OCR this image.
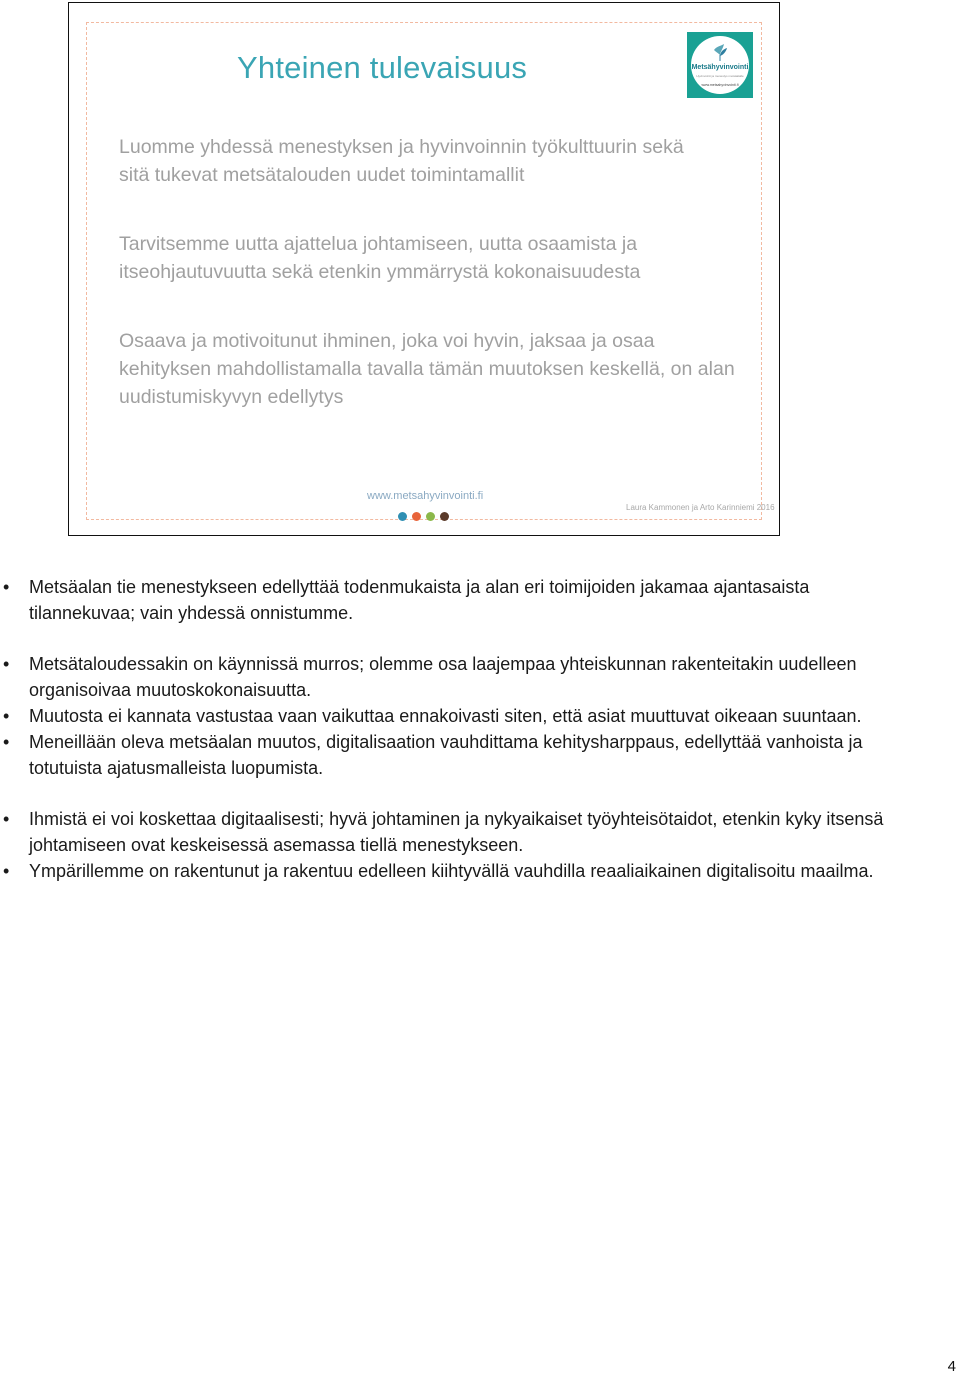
Yhteinen tulevaisuus	Metsähyvinvointi
Hyvinvointi ja menestys metsäalalle
www.metsahyvinvointi.fi

Luomme yhdessä menestyksen ja hyvinvoinnin työkulttuurin sekä sitä tukevat metsätalouden uudet toimintamallit

Tarvitsemme uutta ajattelua johtamiseen, uutta osaamista ja itseohjautuvuutta sekä etenkin ymmärrystä kokonaisuudesta

Osaava ja motivoitunut ihminen, joka voi hyvin, jaksaa ja osaa kehityksen mahdollistamalla tavalla tämän muutoksen keskellä, on alan uudistumiskyvyn edellytys

www.metsahyvinvointi.fi
Laura Kammonen ja Arto Karinniemi 2016
• Metsäalan tie menestykseen edellyttää todenmukaista ja alan eri toimijoiden jakamaa ajantasaista tilannekuvaa; vain yhdessä onnistumme.
• Metsätaloudessakin on käynnissä murros; olemme osa laajempaa yhteiskunnan rakenteitakin uudelleen organisoivaa muutoskokonaisuutta.
• Muutosta ei kannata vastustaa vaan vaikuttaa ennakoivasti siten, että asiat muuttuvat oikeaan suuntaan.
• Meneillään oleva metsäalan muutos, digitalisaation vauhdittama kehitysharppaus, edellyttää vanhoista ja totutuista ajatusmalleista luopumista.
• Ihmistä ei voi koskettaa digitaalisesti; hyvä johtaminen ja nykyaikaiset työyhteisötaidot, etenkin kyky itsensä johtamiseen ovat keskeisessä asemassa tiellä menestykseen.
• Ympärillemme on rakentunut ja rakentuu edelleen kiihtyvällä vauhdilla reaaliaikainen digitalisoitu maailma.
4
